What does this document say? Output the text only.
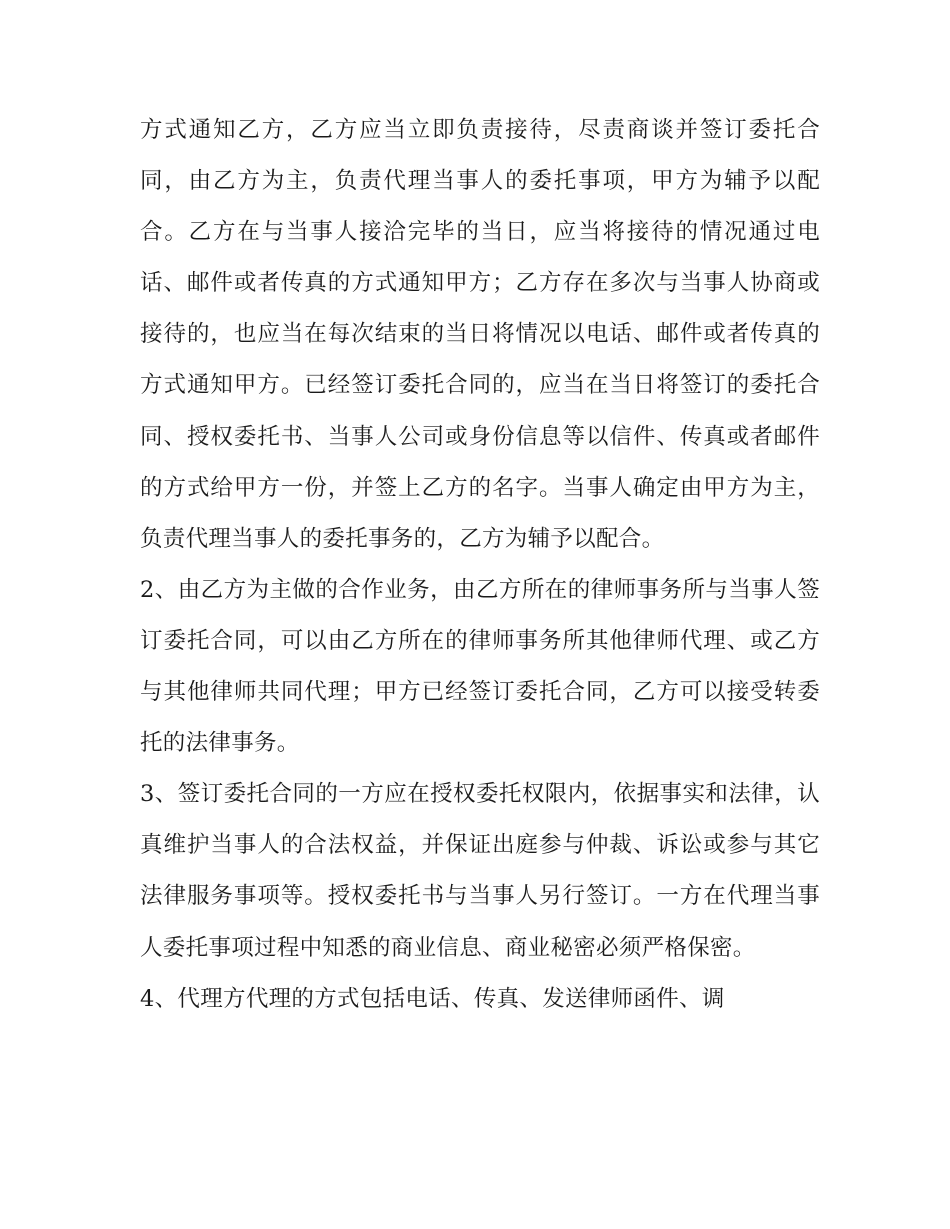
方式通知乙方，乙方应当立即负责接待，尽责商谈并签订委托合同，由乙方为主，负责代理当事人的委托事项，甲方为辅予以配合。乙方在与当事人接洽完毕的当日，应当将接待的情况通过电话、邮件或者传真的方式通知甲方；乙方存在多次与当事人协商或接待的，也应当在每次结束的当日将情况以电话、邮件或者传真的方式通知甲方。已经签订委托合同的，应当在当日将签订的委托合同、授权委托书、当事人公司或身份信息等以信件、传真或者邮件的方式给甲方一份，并签上乙方的名字。当事人确定由甲方为主，负责代理当事人的委托事务的，乙方为辅予以配合。

2、由乙方为主做的合作业务，由乙方所在的律师事务所与当事人签订委托合同，可以由乙方所在的律师事务所其他律师代理、或乙方与其他律师共同代理；甲方已经签订委托合同，乙方可以接受转委托的法律事务。

3、签订委托合同的一方应在授权委托权限内，依据事实和法律，认真维护当事人的合法权益，并保证出庭参与仲裁、诉讼或参与其它法律服务事项等。授权委托书与当事人另行签订。一方在代理当事人委托事项过程中知悉的商业信息、商业秘密必须严格保密。

4、代理方代理的方式包括电话、传真、发送律师函件、调
